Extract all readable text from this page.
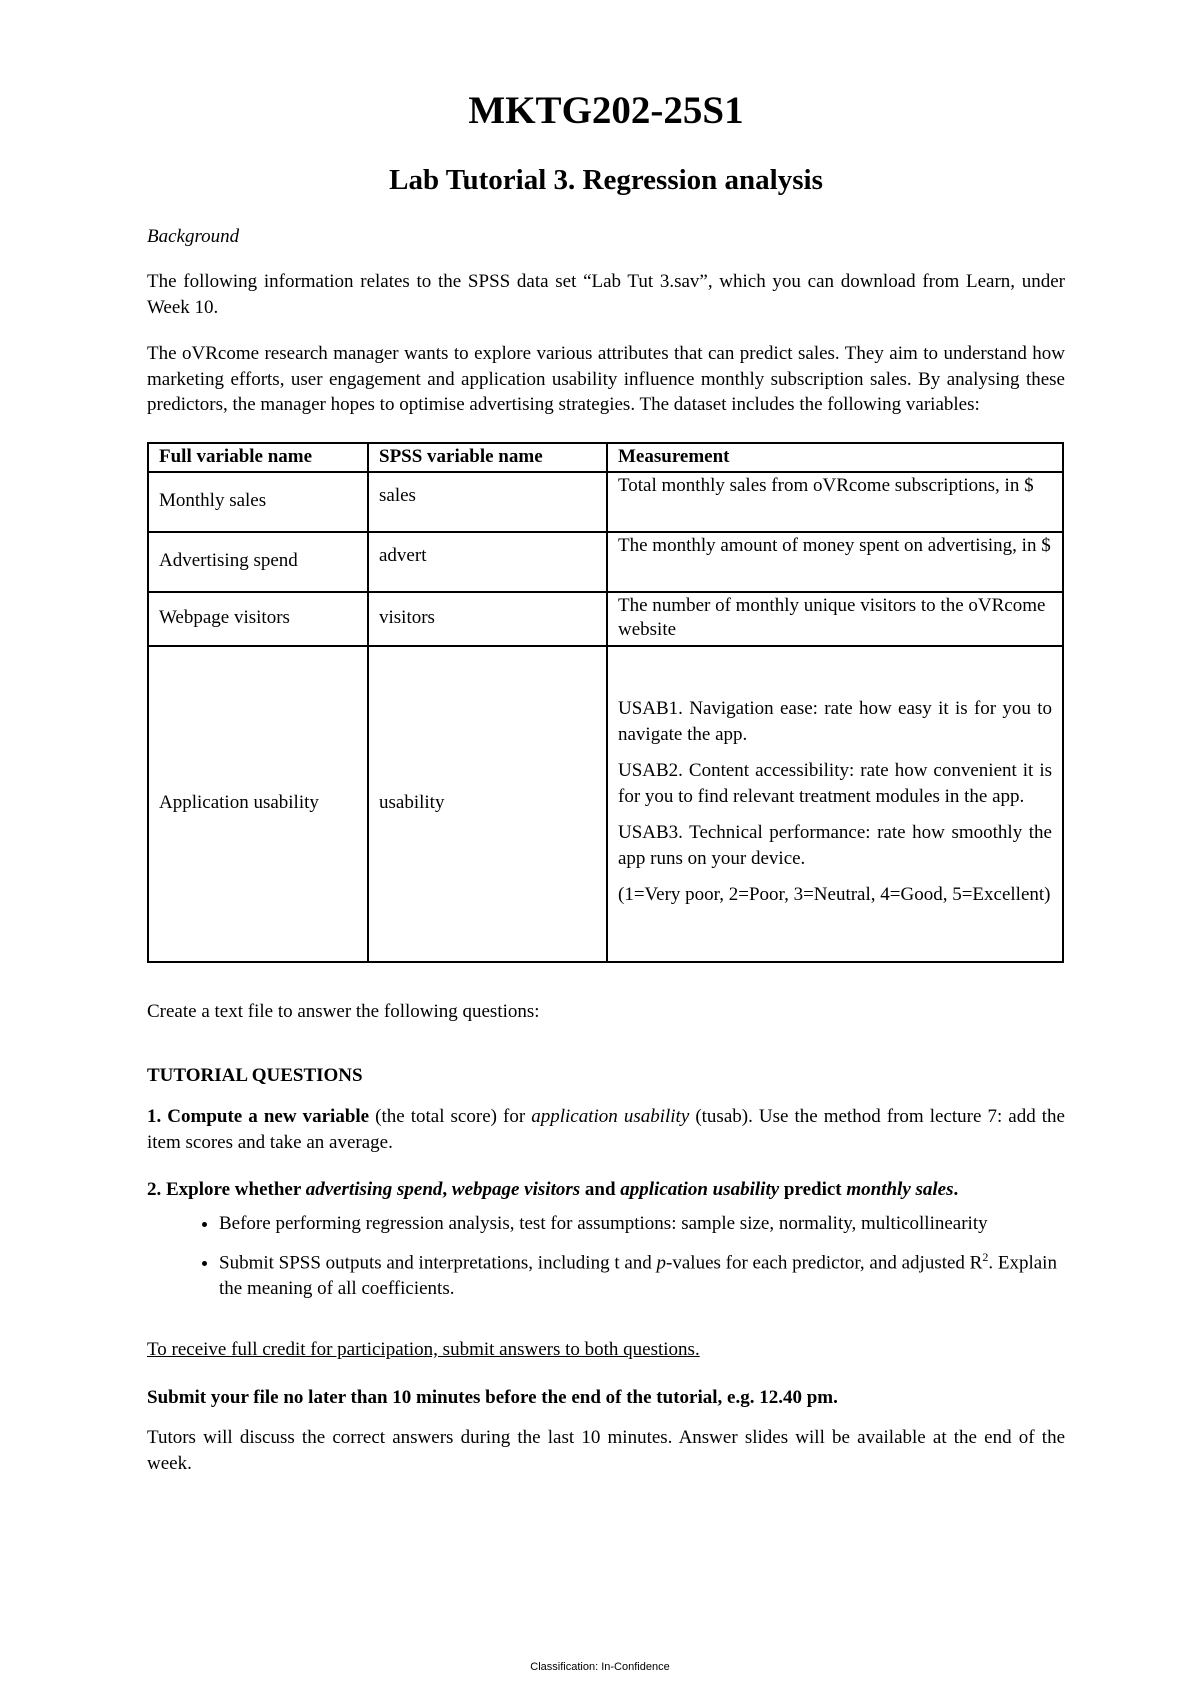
MKTG202-25S1
Lab Tutorial 3. Regression analysis

Background

The following information relates to the SPSS data set “Lab Tut 3.sav”, which you can download from Learn, under Week 10.

The oVRcome research manager wants to explore various attributes that can predict sales. They aim to understand how marketing efforts, user engagement and application usability influence monthly subscription sales. By analysing these predictors, the manager hopes to optimise advertising strategies. The dataset includes the following variables:

Full variable name	SPSS variable name	Measurement
Monthly sales	sales	Total monthly sales from oVRcome subscriptions, in $
Advertising spend	advert	The monthly amount of money spent on advertising, in $
Webpage visitors	visitors	The number of monthly unique visitors to the oVRcome website
Application usability	usability	USAB1. Navigation ease: rate how easy it is for you to navigate the app.

USAB2. Content accessibility: rate how convenient it is for you to find relevant treatment modules in the app.

USAB3. Technical performance: rate how smoothly the app runs on your device.

(1=Very poor, 2=Poor, 3=Neutral, 4=Good, 5=Excellent)

Create a text file to answer the following questions:

TUTORIAL QUESTIONS

1. Compute a new variable (the total score) for application usability (tusab). Use the method from lecture 7: add the item scores and take an average.

2. Explore whether advertising spend, webpage visitors and application usability predict monthly sales.

• Before performing regression analysis, test for assumptions: sample size, normality, multicollinearity
• Submit SPSS outputs and interpretations, including t and p-values for each predictor, and adjusted $R^2$. Explain the meaning of all coefficients.

To receive full credit for participation, submit answers to both questions.

Submit your file no later than 10 minutes before the end of the tutorial, e.g. 12.40 pm.

Tutors will discuss the correct answers during the last 10 minutes. Answer slides will be available at the end of the week.

Classification: In-Confidence
